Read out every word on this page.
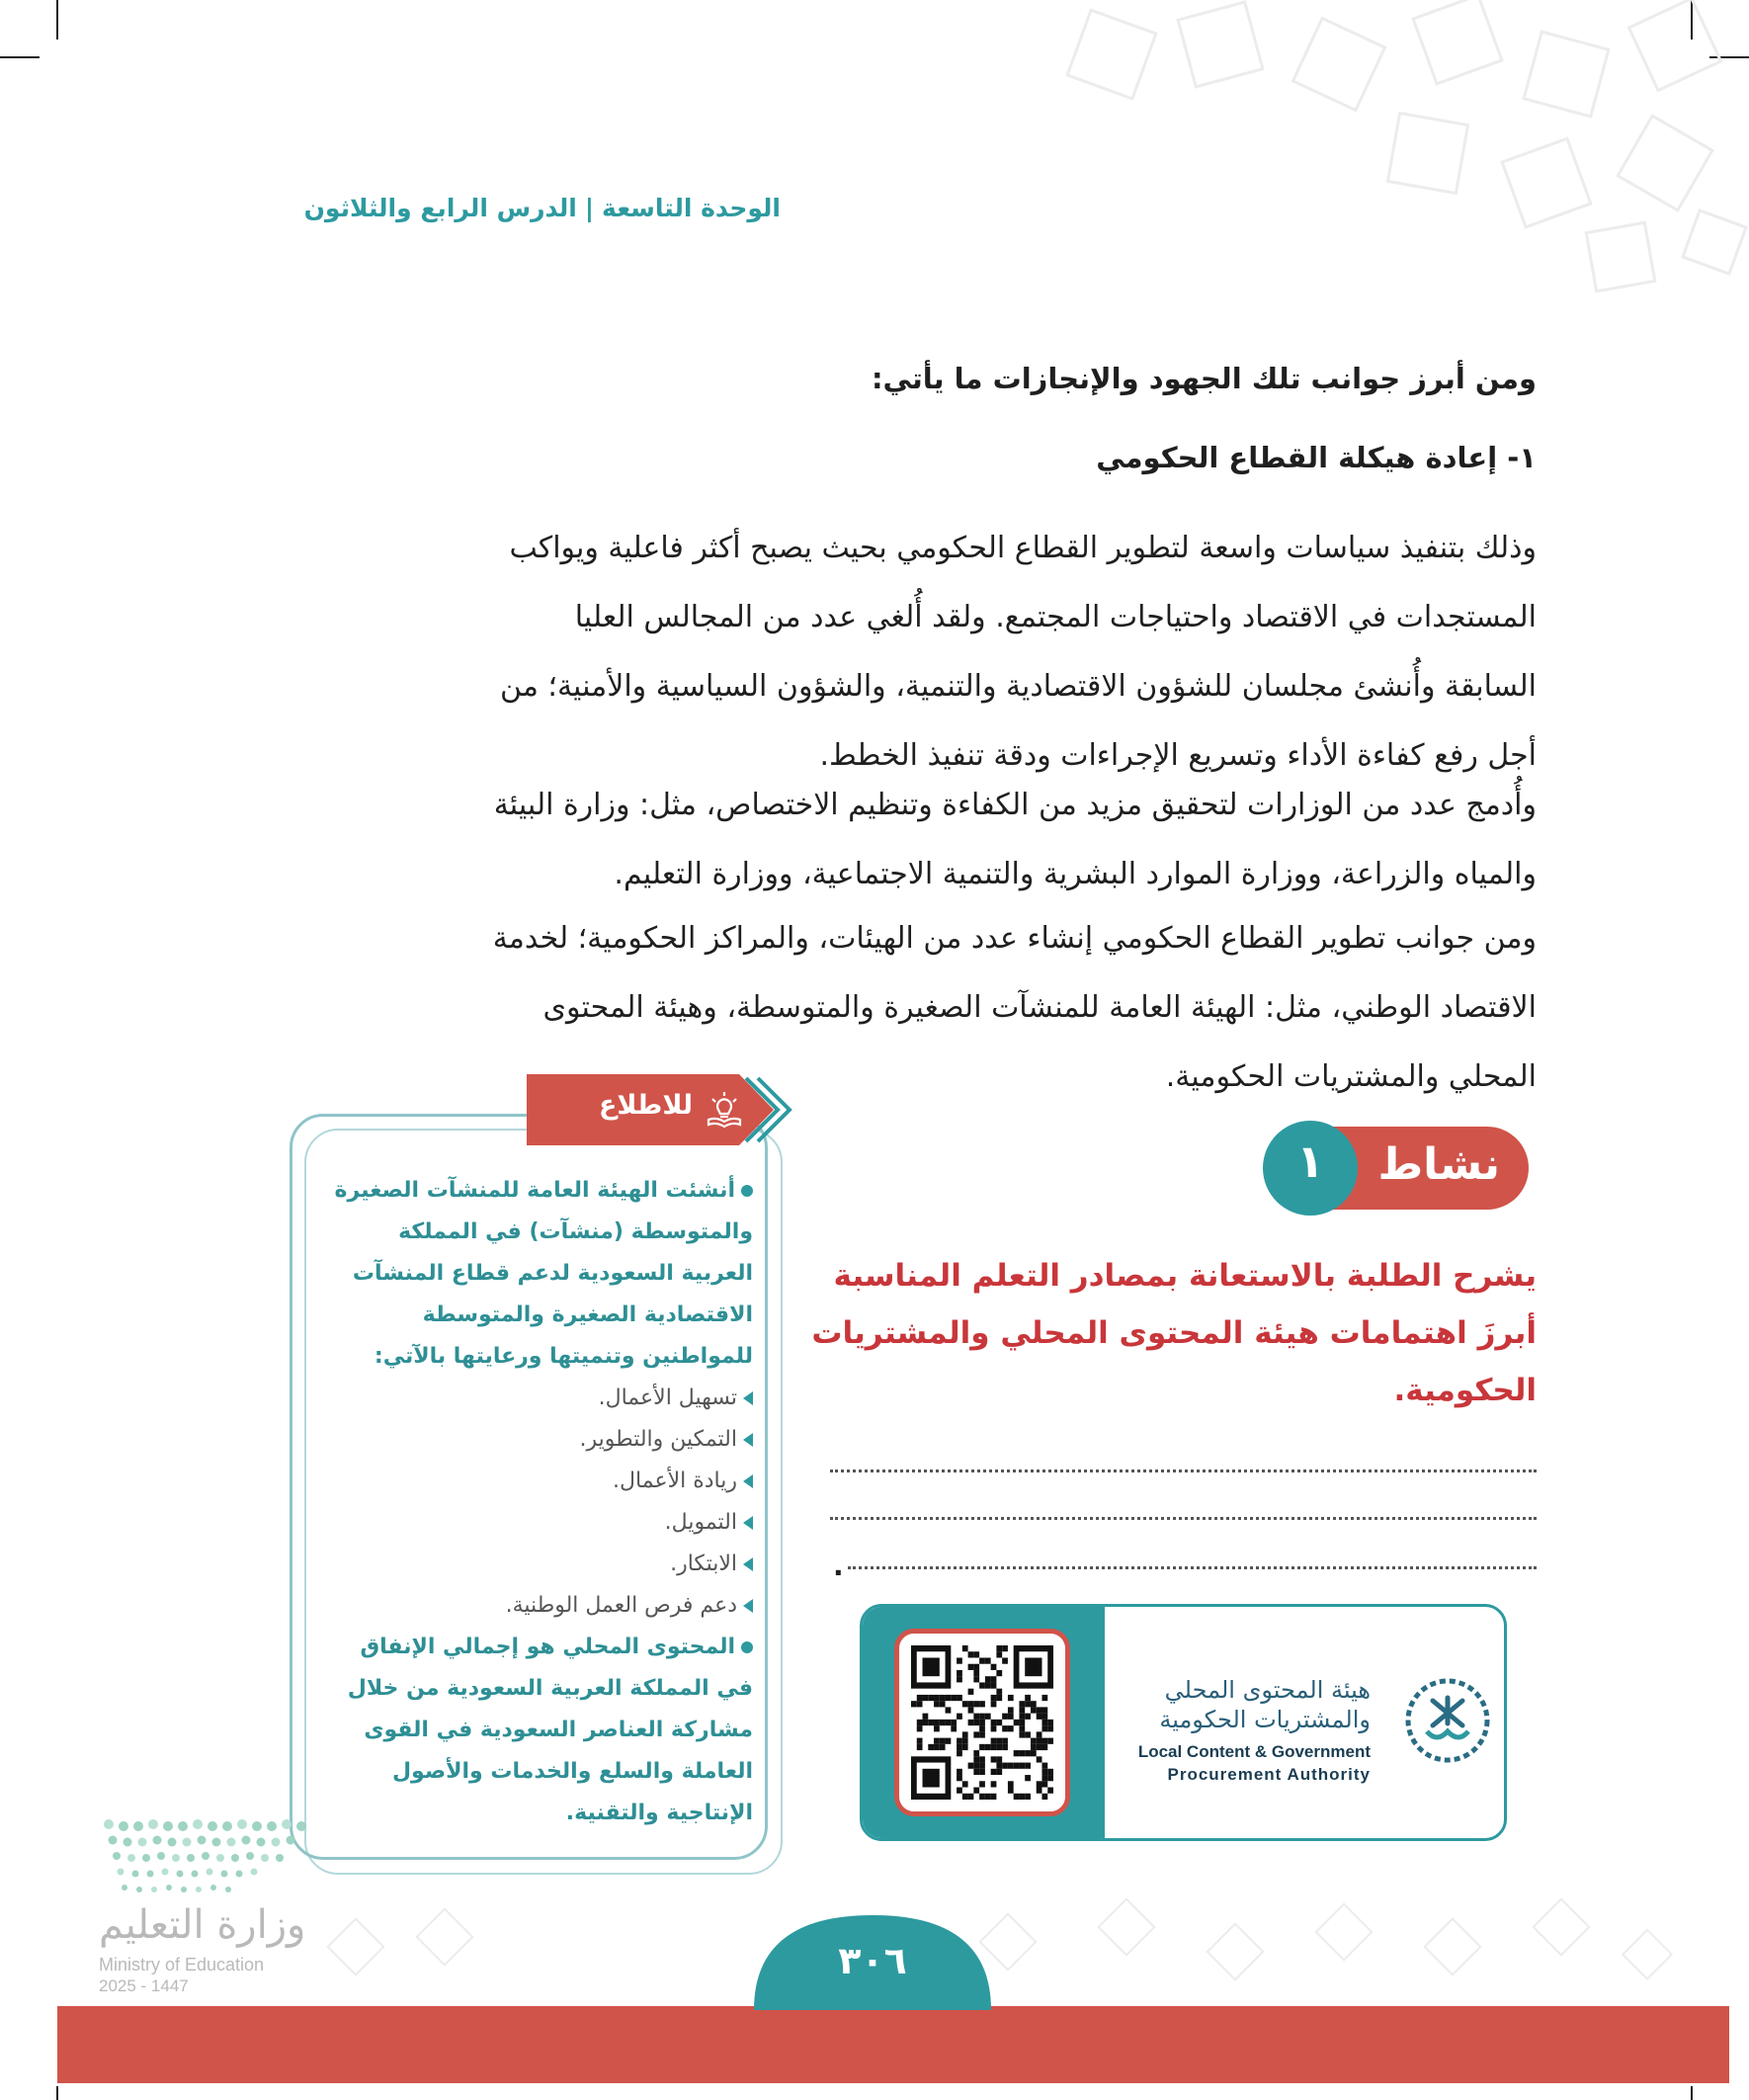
الوحدة التاسعة|الدرس الرابع والثلاثون
ومن أبرز جوانب تلك الجهود والإنجازات ما يأتي:
١- إعادة هيكلة القطاع الحكومي
وذلك بتنفيذ سياسات واسعة لتطوير القطاع الحكومي بحيث يصبح أكثر فاعلية ويواكب
المستجدات في الاقتصاد واحتياجات المجتمع. ولقد أُلغي عدد من المجالس العليا
السابقة وأُنشئ مجلسان للشؤون الاقتصادية والتنمية، والشؤون السياسية والأمنية؛ من
أجل رفع كفاءة الأداء وتسريع الإجراءات ودقة تنفيذ الخطط.
وأُدمج عدد من الوزارات لتحقيق مزيد من الكفاءة وتنظيم الاختصاص، مثل: وزارة البيئة
والمياه والزراعة، ووزارة الموارد البشرية والتنمية الاجتماعية، ووزارة التعليم.
ومن جوانب تطوير القطاع الحكومي إنشاء عدد من الهيئات، والمراكز الحكومية؛ لخدمة
الاقتصاد الوطني، مثل: الهيئة العامة للمنشآت الصغيرة والمتوسطة، وهيئة المحتوى
المحلي والمشتريات الحكومية.
للاطلاع
أنشئت الهيئة العامة للمنشآت الصغيرة
والمتوسطة (منشآت) في المملكة
العربية السعودية لدعم قطاع المنشآت
الاقتصادية الصغيرة والمتوسطة
للمواطنين وتنميتها ورعايتها بالآتي:
تسهيل الأعمال.
التمكين والتطوير.
ريادة الأعمال.
التمويل.
الابتكار.
دعم فرص العمل الوطنية.
المحتوى المحلي هو إجمالي الإنفاق
في المملكة العربية السعودية من خلال
مشاركة العناصر السعودية في القوى
العاملة والسلع والخدمات والأصول
الإنتاجية والتقنية.
نشاط
١
يشرح الطلبة بالاستعانة بمصادر التعلم المناسبة
أبرزَ اهتمامات هيئة المحتوى المحلي والمشتريات
الحكومية.
.
هيئة المحتوى المحلي
والمشتريات الحكومية
Local Content & Government
Procurement Authority
وزارة التعليم
Ministry of Education
2025 - 1447
٣٠٦
